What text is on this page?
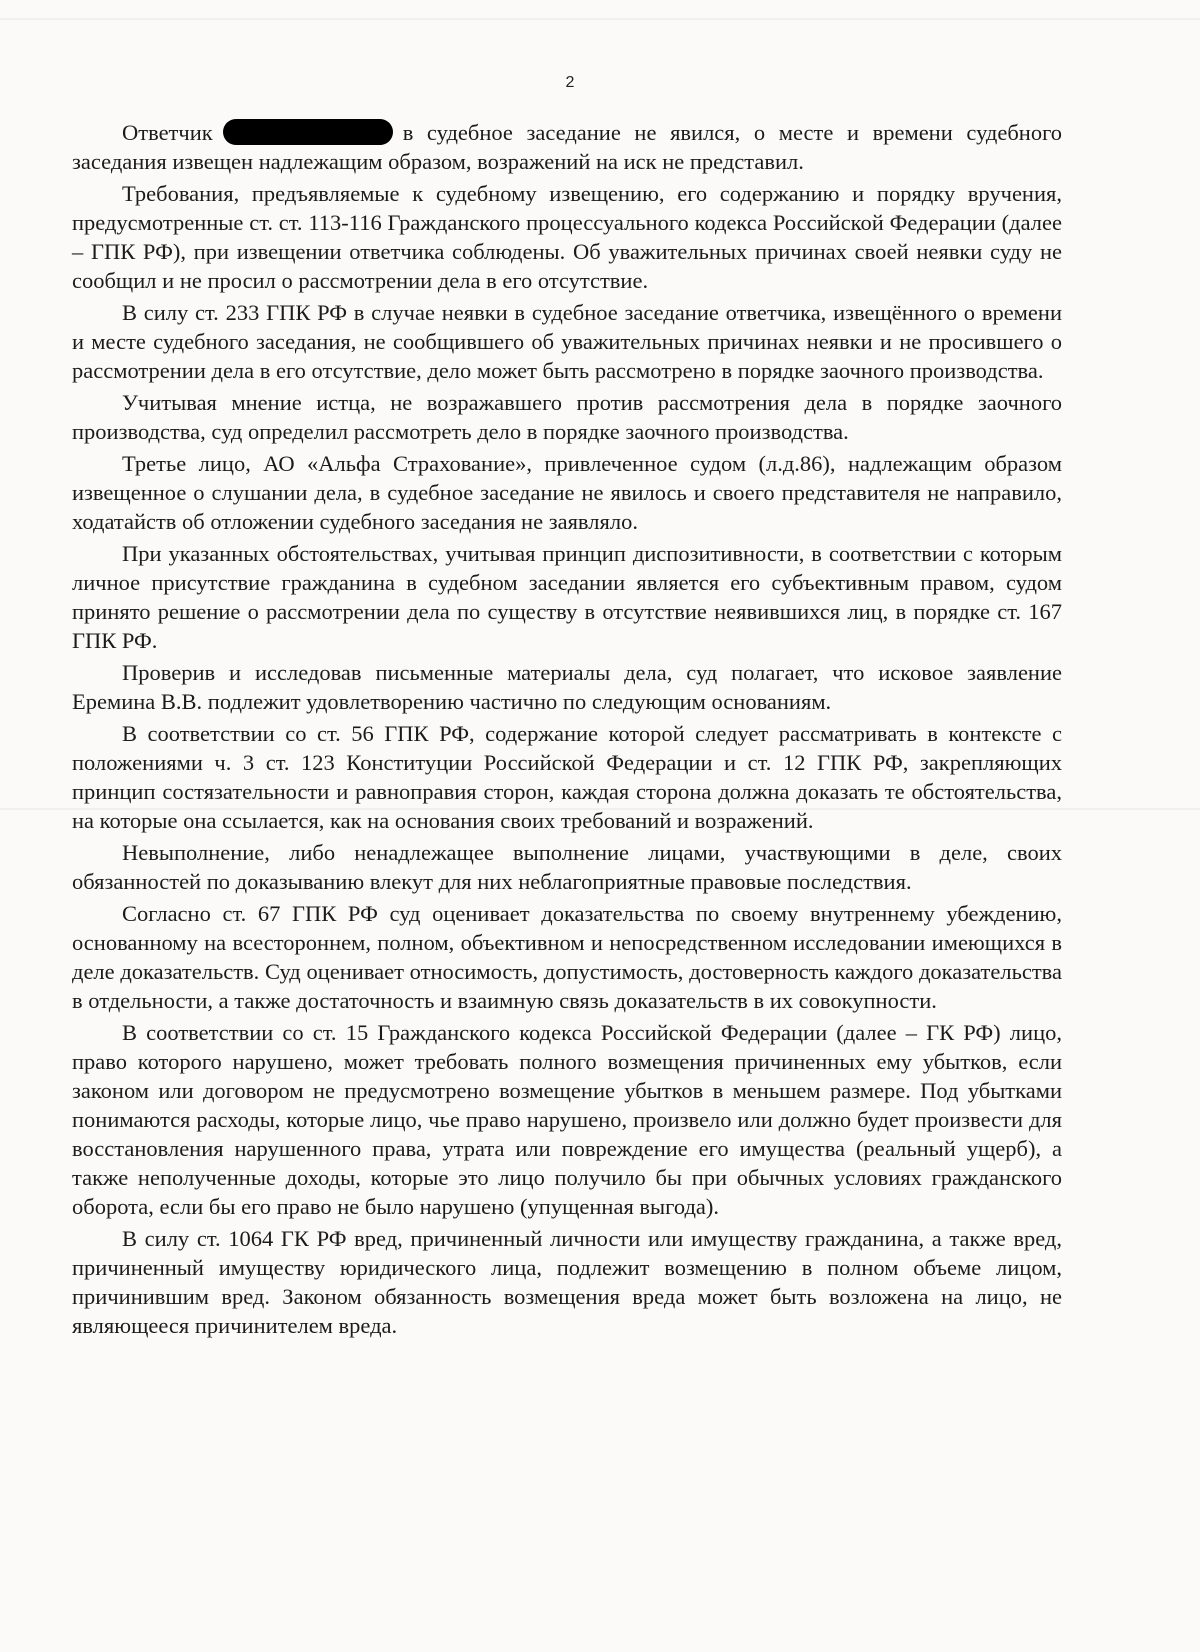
2

Ответчик	в судебное заседание не явился, о месте и времени судебного заседания извещен надлежащим образом, возражений на иск не представил.

Требования, предъявляемые к судебному извещению, его содержанию и порядку вручения, предусмотренные ст. ст. 113-116 Гражданского процессуального кодекса Российской Федерации (далее – ГПК РФ), при извещении ответчика соблюдены. Об уважительных причинах своей неявки суду не сообщил и не просил о рассмотрении дела в его отсутствие.

В силу ст. 233 ГПК РФ в случае неявки в судебное заседание ответчика, извещённого о времени и месте судебного заседания, не сообщившего об уважительных причинах неявки и не просившего о рассмотрении дела в его отсутствие, дело может быть рассмотрено в порядке заочного производства.

Учитывая мнение истца, не возражавшего против рассмотрения дела в порядке заочного производства, суд определил рассмотреть дело в порядке заочного производства.

Третье лицо, АО «Альфа Страхование», привлеченное судом (л.д.86), надлежащим образом извещенное о слушании дела, в судебное заседание не явилось и своего представителя не направило, ходатайств об отложении судебного заседания не заявляло.

При указанных обстоятельствах, учитывая принцип диспозитивности, в соответствии с которым личное присутствие гражданина в судебном заседании является его субъективным правом, судом принято решение о рассмотрении дела по существу в отсутствие неявившихся лиц, в порядке ст. 167 ГПК РФ.

Проверив и исследовав письменные материалы дела, суд полагает, что исковое заявление Еремина В.В. подлежит удовлетворению частично по следующим основаниям.

В соответствии со ст. 56 ГПК РФ, содержание которой следует рассматривать в контексте с положениями ч. 3 ст. 123 Конституции Российской Федерации и ст. 12 ГПК РФ, закрепляющих принцип состязательности и равноправия сторон, каждая сторона должна доказать те обстоятельства, на которые она ссылается, как на основания своих требований и возражений.

Невыполнение, либо ненадлежащее выполнение лицами, участвующими в деле, своих обязанностей по доказыванию влекут для них неблагоприятные правовые последствия.

Согласно ст. 67 ГПК РФ суд оценивает доказательства по своему внутреннему убеждению, основанному на всестороннем, полном, объективном и непосредственном исследовании имеющихся в деле доказательств. Суд оценивает относимость, допустимость, достоверность каждого доказательства в отдельности, а также достаточность и взаимную связь доказательств в их совокупности.

В соответствии со ст. 15 Гражданского кодекса Российской Федерации (далее – ГК РФ) лицо, право которого нарушено, может требовать полного возмещения причиненных ему убытков, если законом или договором не предусмотрено возмещение убытков в меньшем размере. Под убытками понимаются расходы, которые лицо, чье право нарушено, произвело или должно будет произвести для восстановления нарушенного права, утрата или повреждение его имущества (реальный ущерб), а также неполученные доходы, которые это лицо получило бы при обычных условиях гражданского оборота, если бы его право не было нарушено (упущенная выгода).

В силу ст. 1064 ГК РФ вред, причиненный личности или имуществу гражданина, а также вред, причиненный имуществу юридического лица, подлежит возмещению в полном объеме лицом, причинившим вред. Законом обязанность возмещения вреда может быть возложена на лицо, не являющееся причинителем вреда.
